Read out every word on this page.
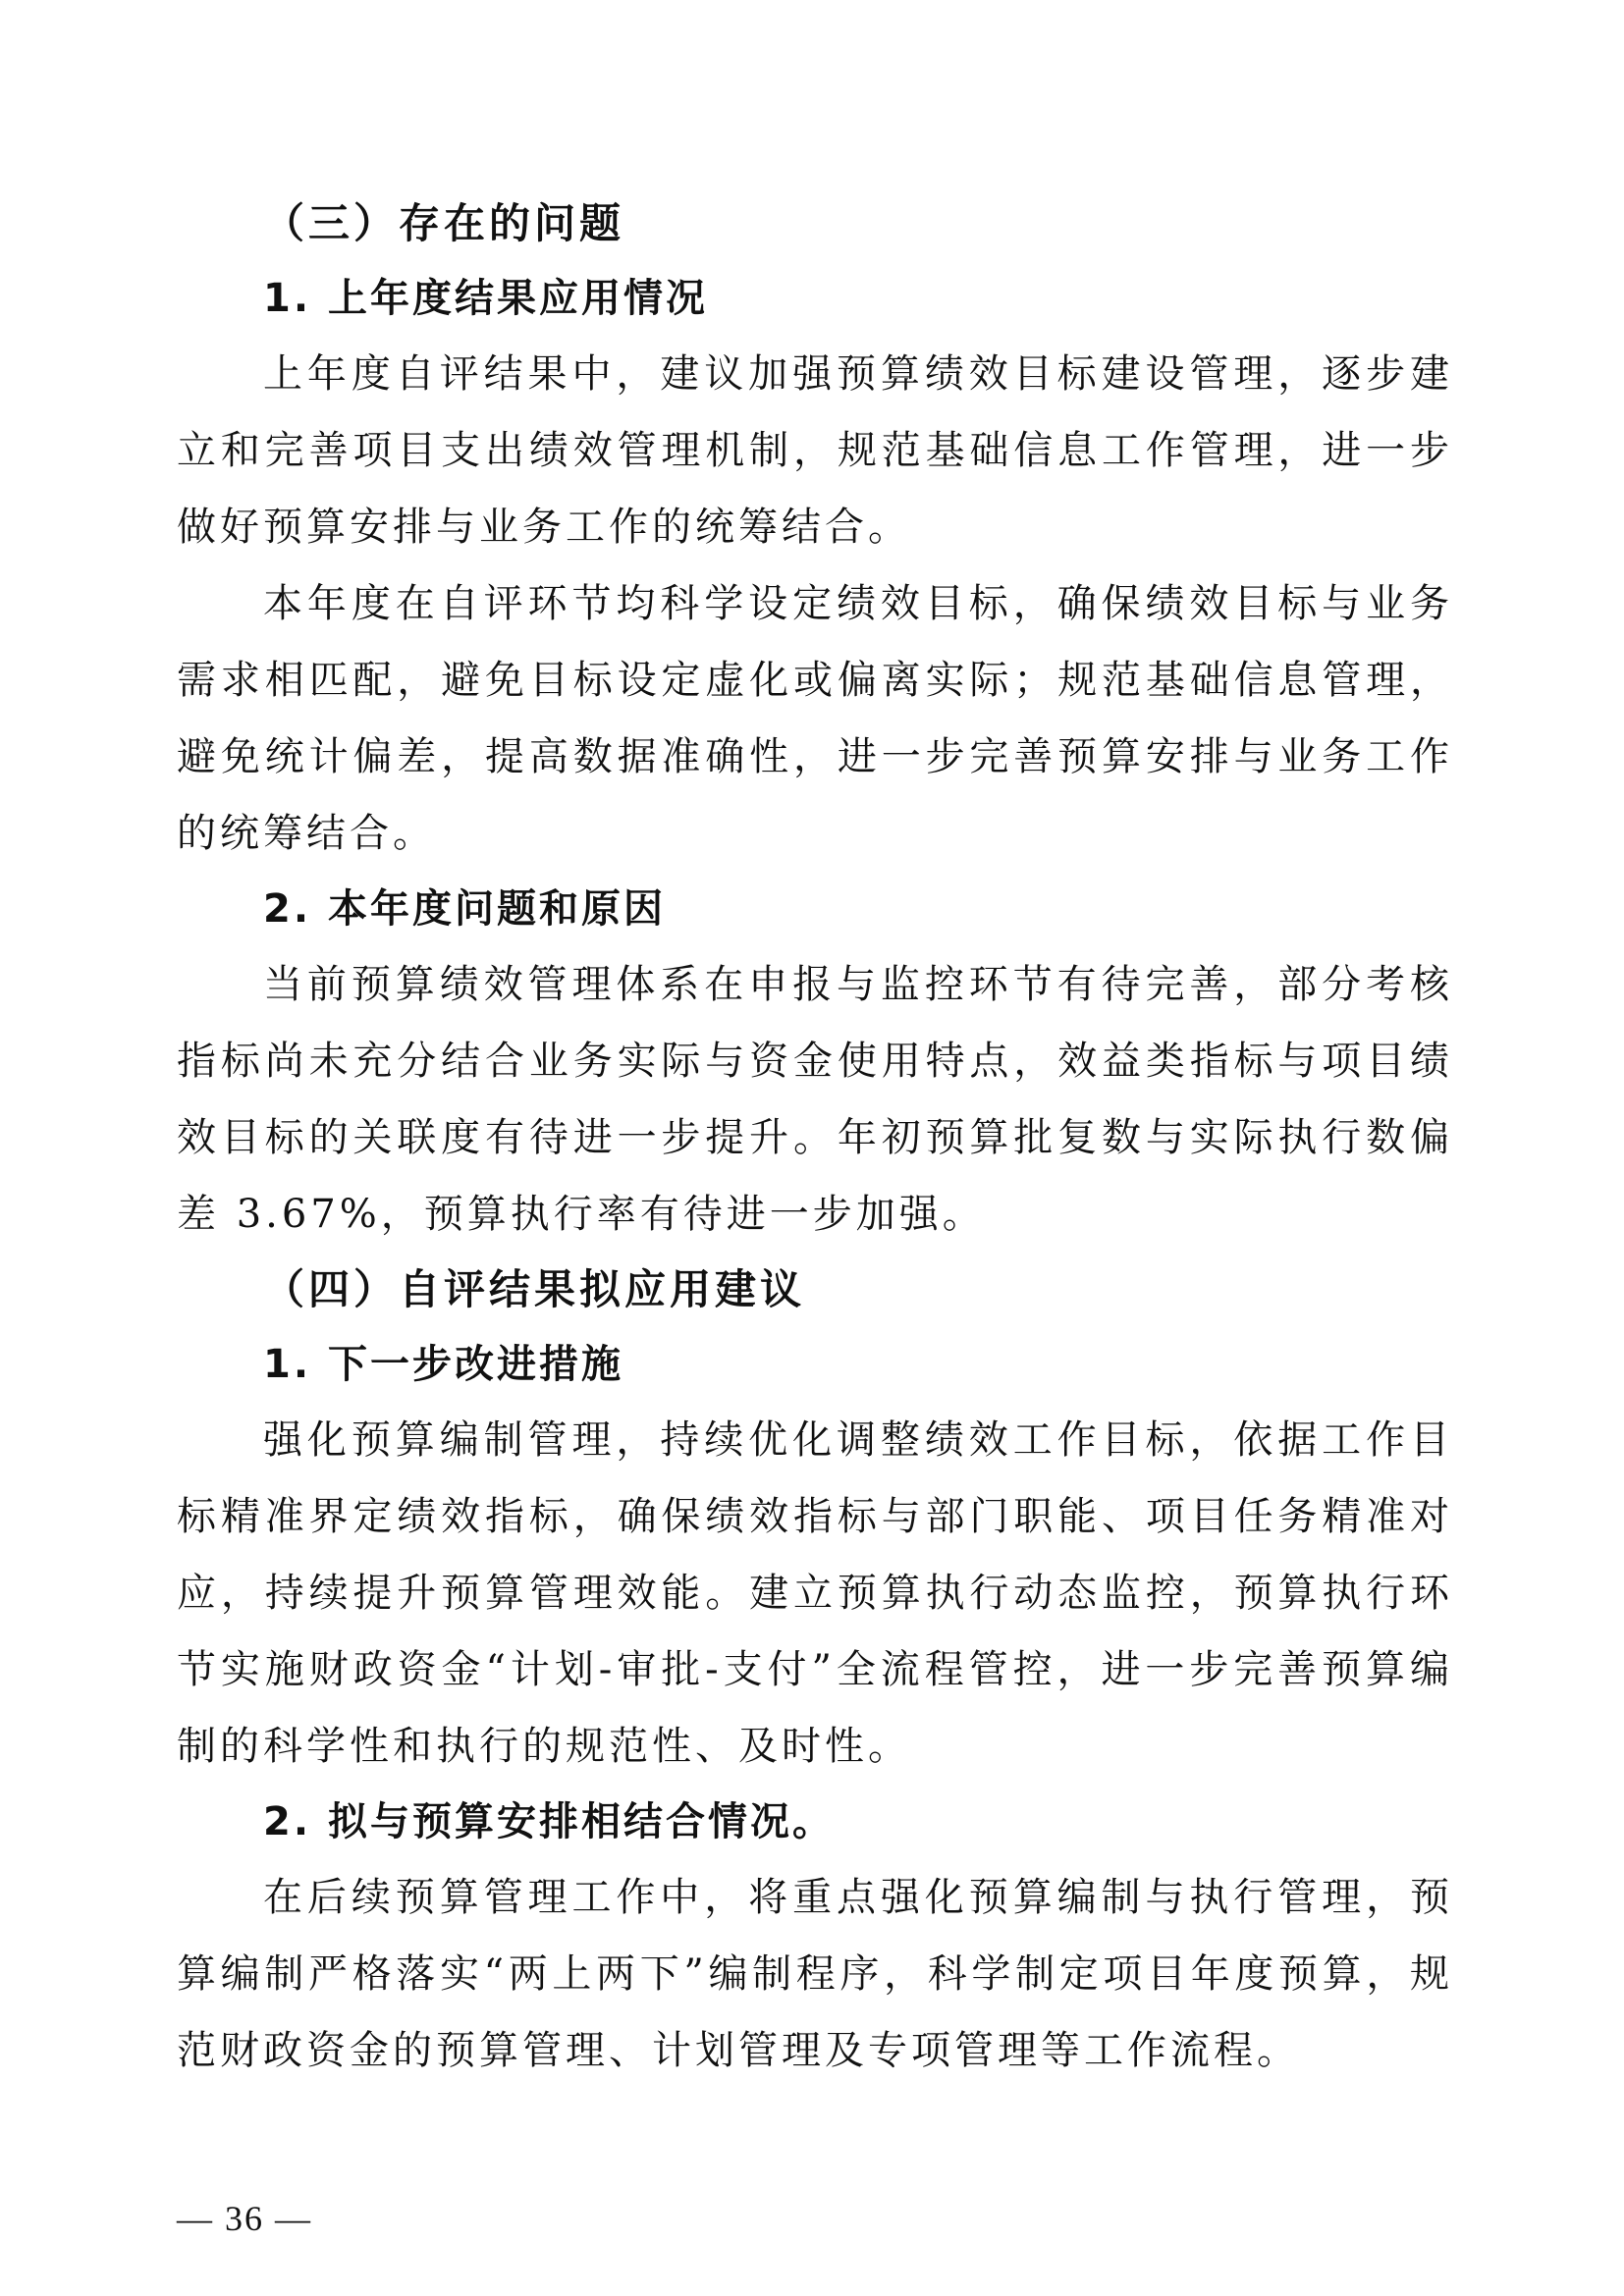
（三）存在的问题
1. 上年度结果应用情况

上年度自评结果中，建议加强预算绩效目标建设管理，逐步建立和完善项目支出绩效管理机制，规范基础信息工作管理，进一步做好预算安排与业务工作的统筹结合。

本年度在自评环节均科学设定绩效目标，确保绩效目标与业务需求相匹配，避免目标设定虚化或偏离实际；规范基础信息管理，避免统计偏差，提高数据准确性，进一步完善预算安排与业务工作的统筹结合。

2. 本年度问题和原因

当前预算绩效管理体系在申报与监控环节有待完善，部分考核指标尚未充分结合业务实际与资金使用特点，效益类指标与项目绩效目标的关联度有待进一步提升。年初预算批复数与实际执行数偏差 3.67%，预算执行率有待进一步加强。

（四）自评结果拟应用建议
1. 下一步改进措施

强化预算编制管理，持续优化调整绩效工作目标，依据工作目标精准界定绩效指标，确保绩效指标与部门职能、项目任务精准对应，持续提升预算管理效能。建立预算执行动态监控，预算执行环节实施财政资金“计划-审批-支付”全流程管控，进一步完善预算编制的科学性和执行的规范性、及时性。

2. 拟与预算安排相结合情况。

在后续预算管理工作中，将重点强化预算编制与执行管理，预算编制严格落实“两上两下”编制程序，科学制定项目年度预算，规范财政资金的预算管理、计划管理及专项管理等工作流程。

— 36 —
